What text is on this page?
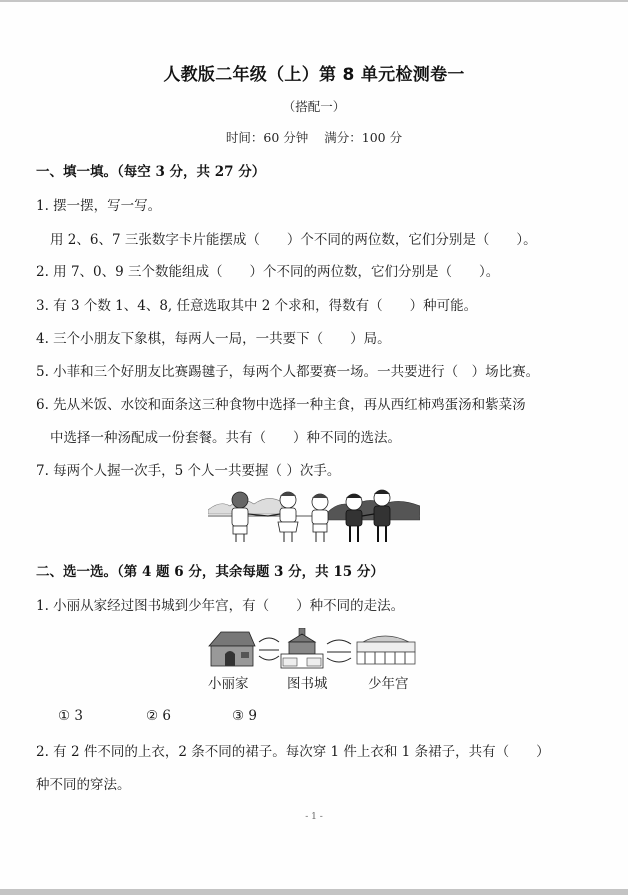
人教版二年级（上）第 8 单元检测卷一
（搭配一）
时间：60 分钟 满分：100 分
一、填一填。（每空 3 分，共 27 分）
1. 摆一摆，写一写。
用 2、6、7 三张数字卡片能摆成（　　）个不同的两位数，它们分别是（　　）。
2. 用 7、0、9 三个数能组成（　　）个不同的两位数，它们分别是（　　）。
3. 有 3 个数 1、4、8, 任意选取其中 2 个求和，得数有（　　）种可能。
4. 三个小朋友下象棋，每两人一局，一共要下（　　）局。
5. 小菲和三个好朋友比赛踢毽子，每两个人都要赛一场。一共要进行（　）场比赛。
6. 先从米饭、水饺和面条这三种食物中选择一种主食，再从西红柿鸡蛋汤和紫菜汤
中选择一种汤配成一份套餐。共有（　　）种不同的选法。
7. 每两个人握一次手，5 个人一共要握（ ）次手。
二、选一选。（第 4 题 6 分，其余每题 3 分，共 15 分）
1. 小丽从家经过图书城到少年宫，有（　　）种不同的走法。
小丽家	图书城	少年宫
① 3	② 6	③ 9
2. 有 2 件不同的上衣，2 条不同的裙子。每次穿 1 件上衣和 1 条裙子，共有（　　）
种不同的穿法。
- 1 -
